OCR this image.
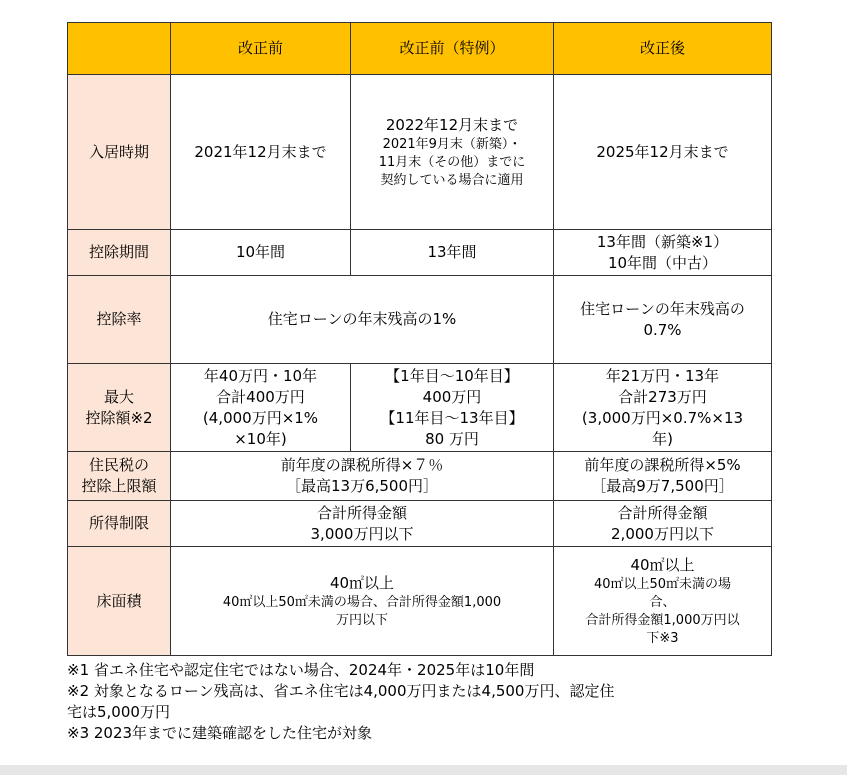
	改正前	改正前（特例）	改正後
入居時期	2021年12月末まで	2022年12月末まで
2021年9月末（新築）・
11月末（その他）までに
契約している場合に適用	2025年12月末まで
控除期間	10年間	13年間	13年間（新築※1）
10年間（中古）

控除率	住宅ローンの年末残高の1%		住宅ローンの年末残高の
0.7%

最大
控除額※2	年40万円・10年
合計400万円
(4,000万円×1%
×10年)	【1年目～10年目】
400万円
【11年目～13年目】
80 万円	年21万円・13年
合計273万円
(3,000万円×0.7%×13
年)

住民税の
控除上限額	前年度の課税所得×７％
［最高13万6,500円］		前年度の課税所得×5%
［最高9万7,500円］

所得制限	合計所得金額
3,000万円以下		合計所得金額
2,000万円以下

床面積	40㎡以上
40㎡以上50㎡未満の場合、合計所得金額1,000
万円以下		40㎡以上
40㎡以上50㎡未満の場
合、
合計所得金額1,000万円以
下※3
※1 省エネ住宅や認定住宅ではない場合、2024年・2025年は10年間
※2 対象となるローン残高は、省エネ住宅は4,000万円または4,500万円、認定住
宅は5,000万円
※3 2023年までに建築確認をした住宅が対象
